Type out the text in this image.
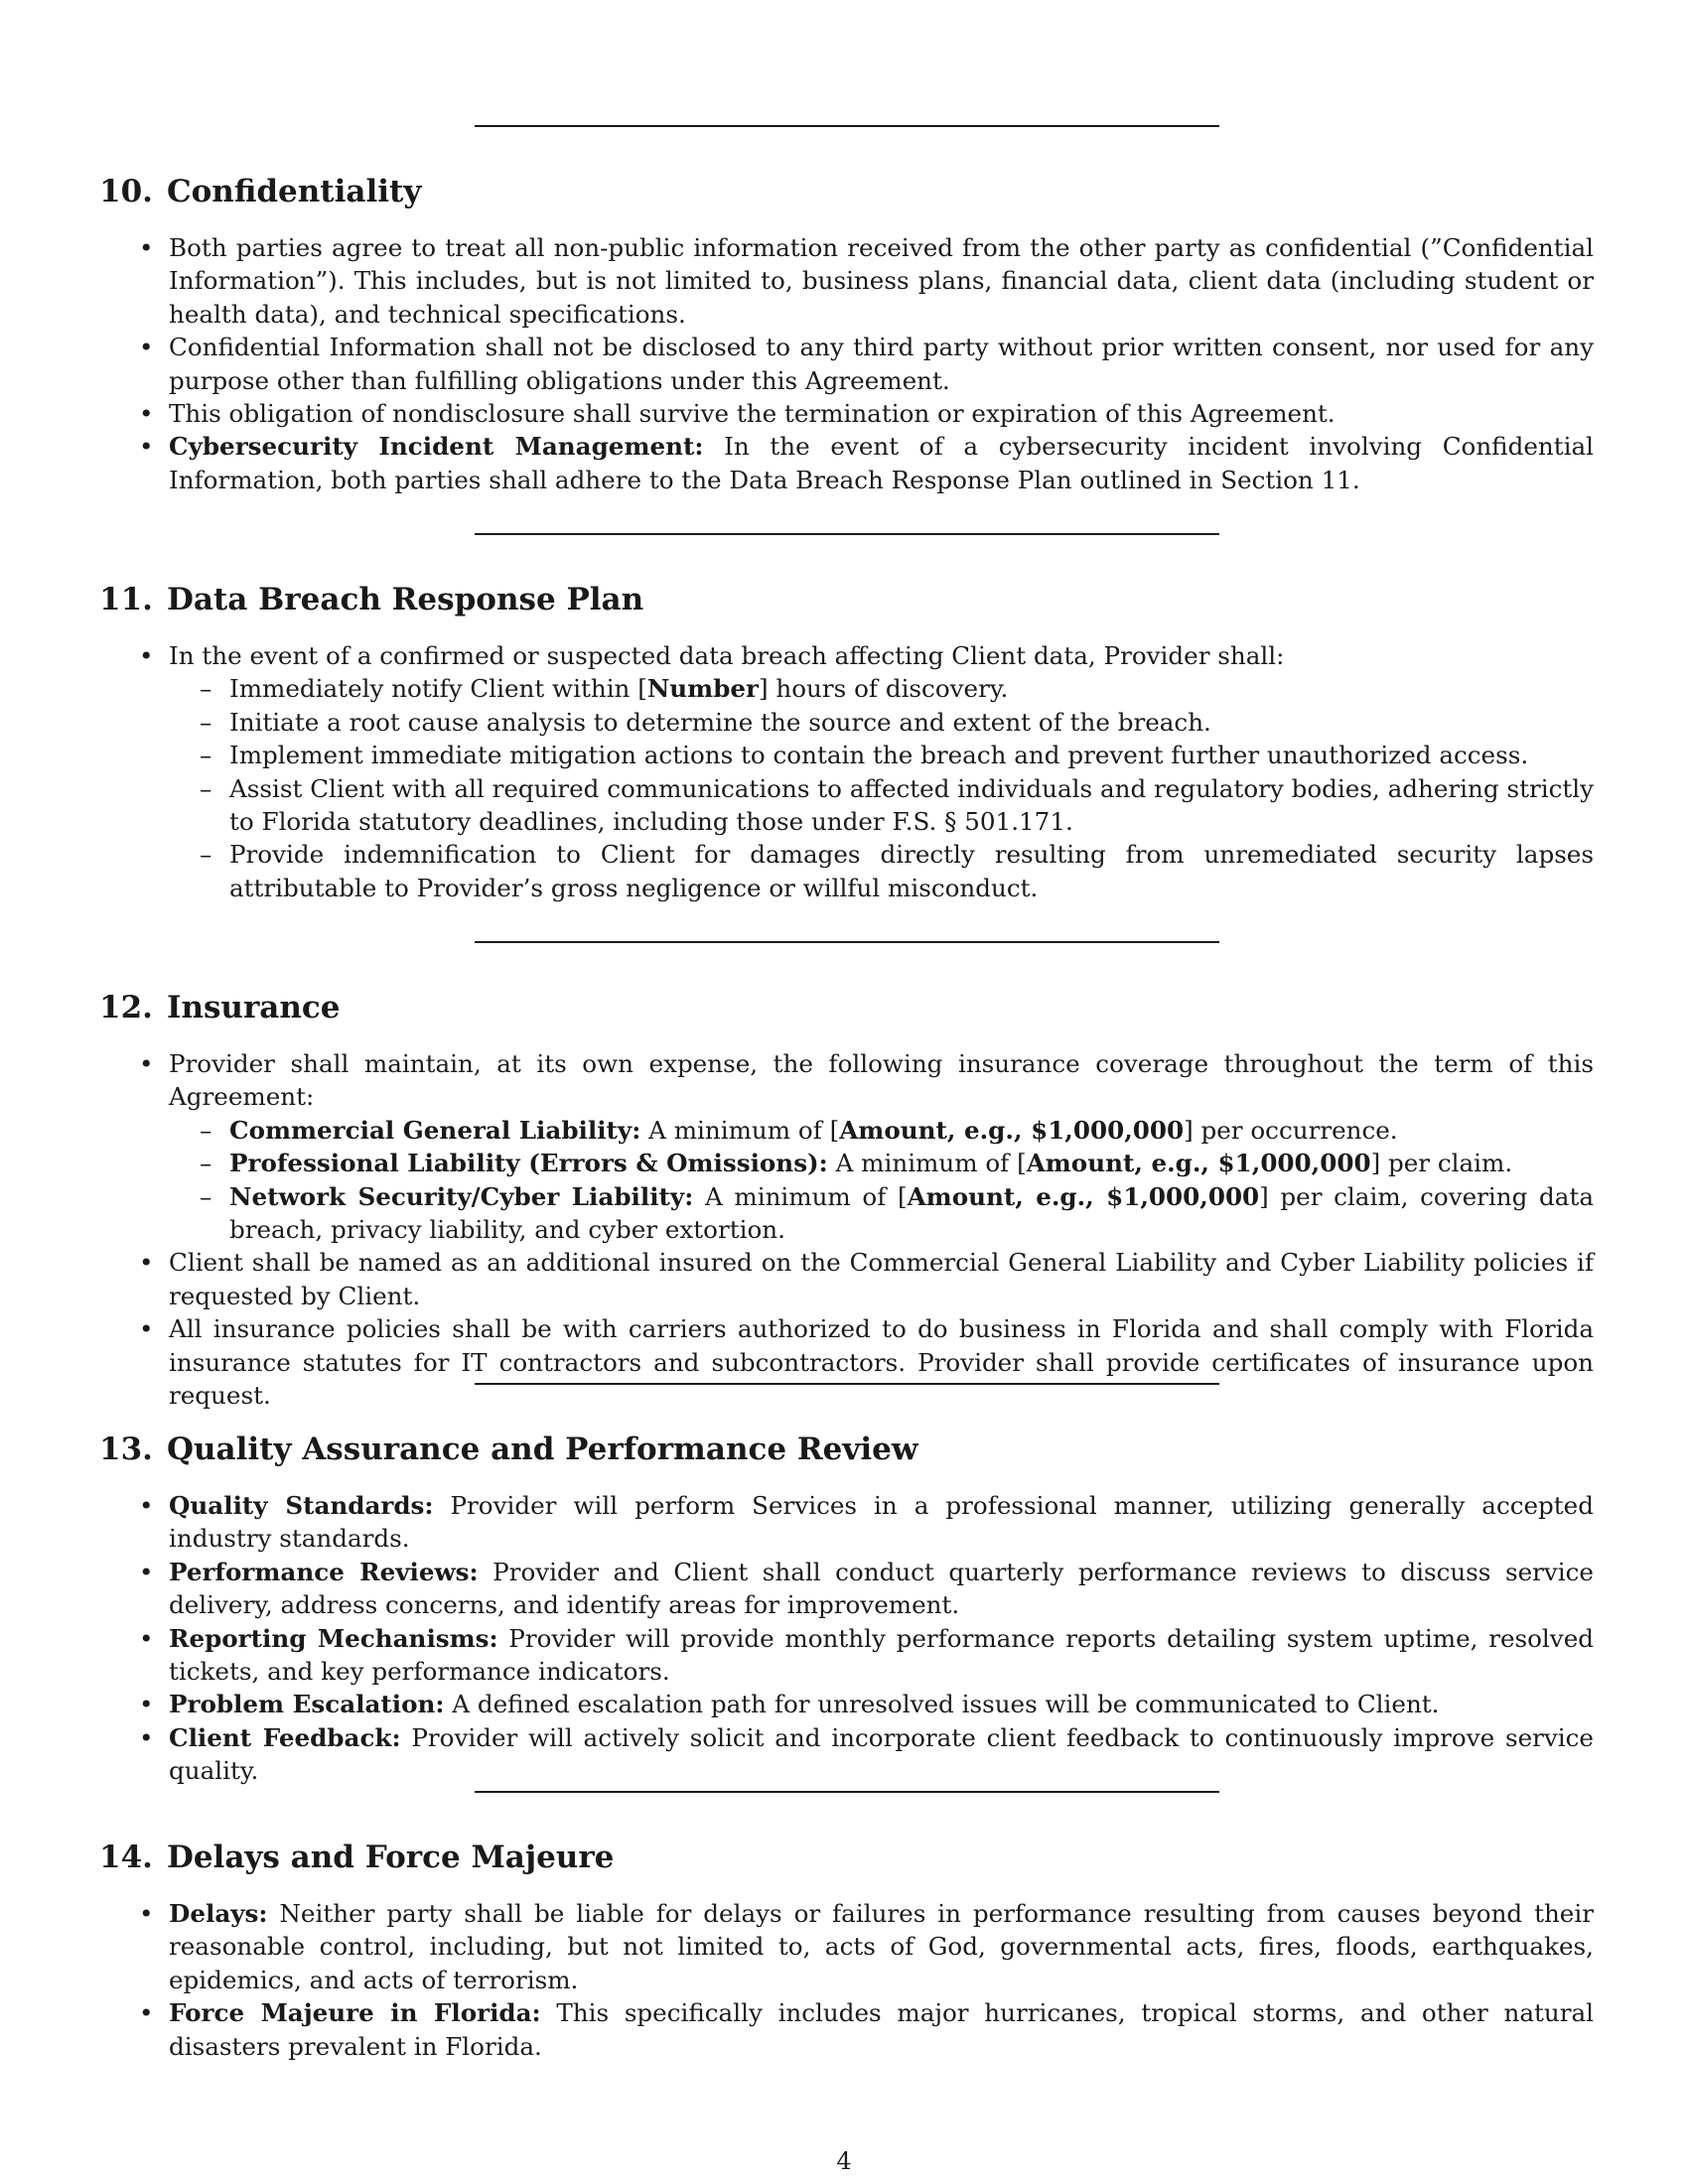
10. Confidentiality
• Both parties agree to treat all non-public information received from the other party as confidential (”Confidential Information”). This includes, but is not limited to, business plans, financial data, client data (including student or health data), and technical specifications.
• Confidential Information shall not be disclosed to any third party without prior written consent, nor used for any purpose other than fulfilling obligations under this Agreement.
• This obligation of nondisclosure shall survive the termination or expiration of this Agreement.
• Cybersecurity Incident Management: In the event of a cybersecurity incident involving Confidential Information, both parties shall adhere to the Data Breach Response Plan outlined in Section 11.
11. Data Breach Response Plan
• In the event of a confirmed or suspected data breach affecting Client data, Provider shall:
– Immediately notify Client within [Number] hours of discovery.
– Initiate a root cause analysis to determine the source and extent of the breach.
– Implement immediate mitigation actions to contain the breach and prevent further unauthorized access.
– Assist Client with all required communications to affected individuals and regulatory bodies, adhering strictly to Florida statutory deadlines, including those under F.S. § 501.171.
– Provide indemnification to Client for damages directly resulting from unremediated security lapses attributable to Provider’s gross negligence or willful misconduct.
12. Insurance
• Provider shall maintain, at its own expense, the following insurance coverage throughout the term of this Agreement:
– Commercial General Liability: A minimum of [Amount, e.g., $1,000,000] per occurrence.
– Professional Liability (Errors & Omissions): A minimum of [Amount, e.g., $1,000,000] per claim.
– Network Security/Cyber Liability: A minimum of [Amount, e.g., $1,000,000] per claim, covering data breach, privacy liability, and cyber extortion.
• Client shall be named as an additional insured on the Commercial General Liability and Cyber Liability policies if requested by Client.
• All insurance policies shall be with carriers authorized to do business in Florida and shall comply with Florida insurance statutes for IT contractors and subcontractors. Provider shall provide certificates of insurance upon request.
13. Quality Assurance and Performance Review
• Quality Standards: Provider will perform Services in a professional manner, utilizing generally accepted industry standards.
• Performance Reviews: Provider and Client shall conduct quarterly performance reviews to discuss service delivery, address concerns, and identify areas for improvement.
• Reporting Mechanisms: Provider will provide monthly performance reports detailing system uptime, resolved tickets, and key performance indicators.
• Problem Escalation: A defined escalation path for unresolved issues will be communicated to Client.
• Client Feedback: Provider will actively solicit and incorporate client feedback to continuously improve service quality.
14. Delays and Force Majeure
• Delays: Neither party shall be liable for delays or failures in performance resulting from causes beyond their reasonable control, including, but not limited to, acts of God, governmental acts, fires, floods, earthquakes, epidemics, and acts of terrorism.
• Force Majeure in Florida: This specifically includes major hurricanes, tropical storms, and other natural disasters prevalent in Florida.
4
